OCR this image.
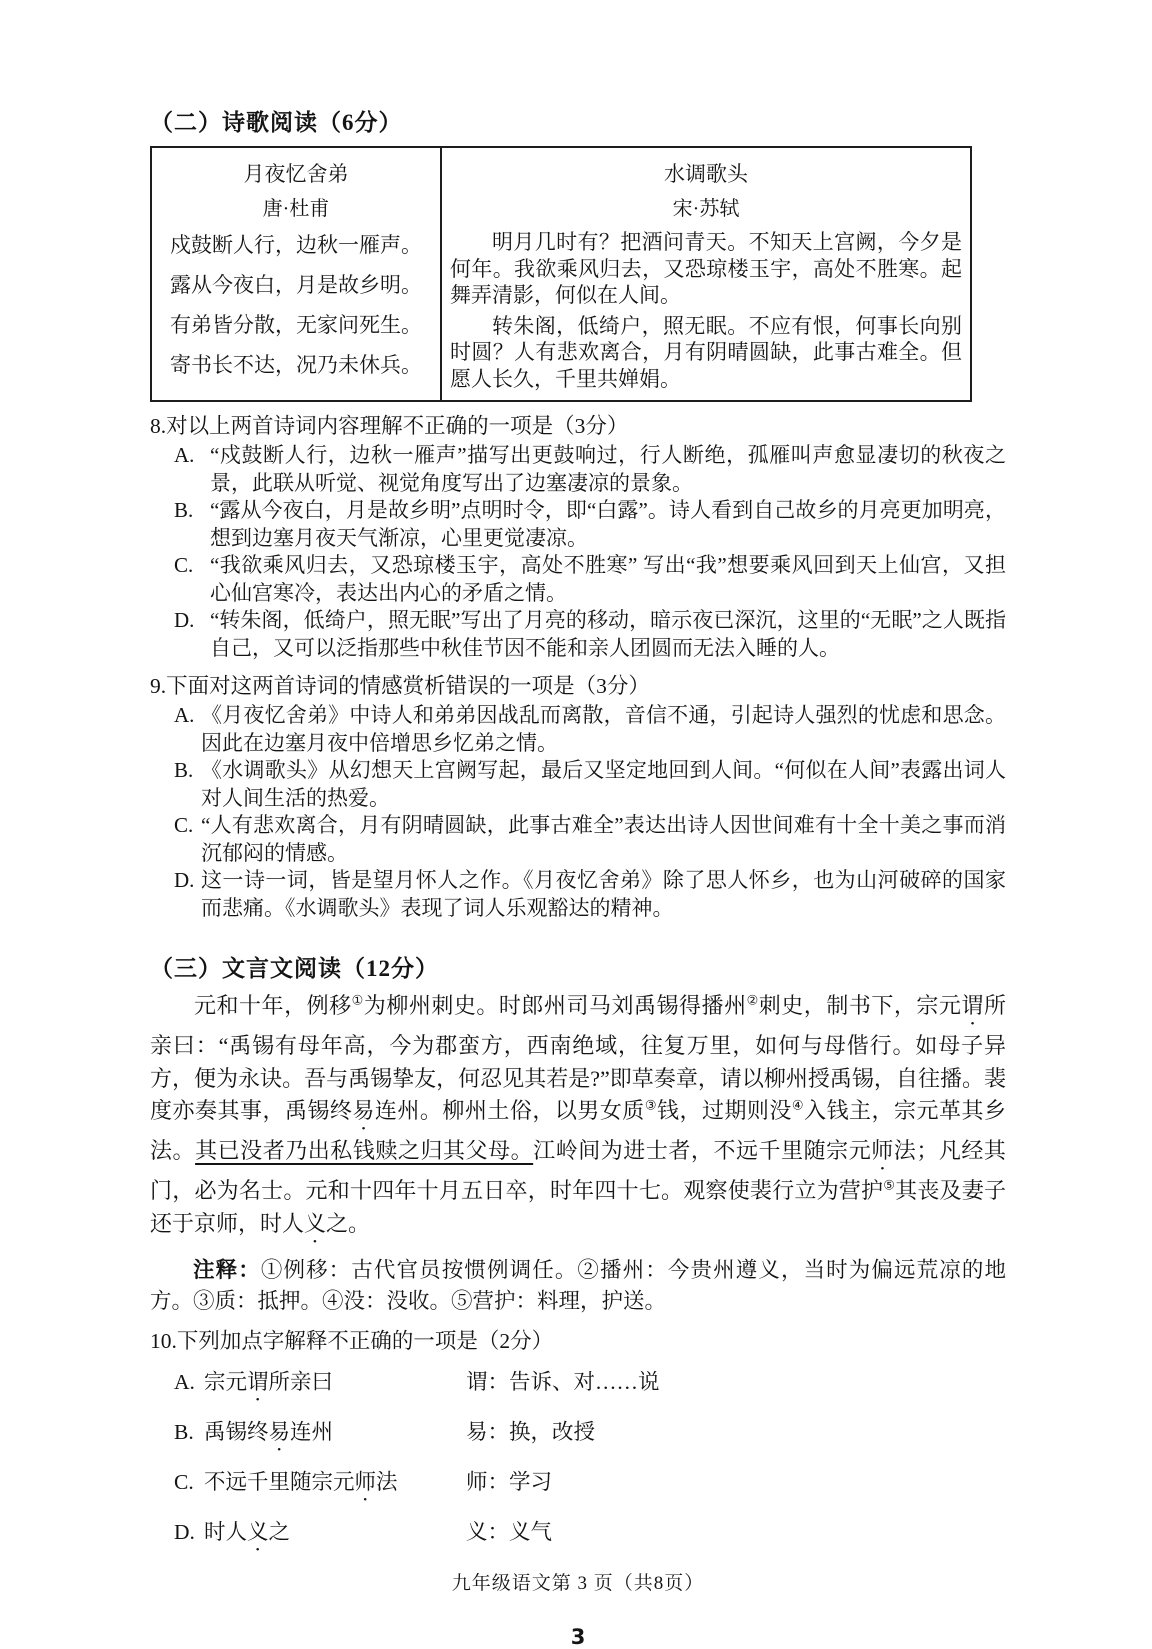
（二）诗歌阅读（6分）
月夜忆舍弟
唐·杜甫
戍鼓断人行，边秋一雁声。
露从今夜白，月是故乡明。
有弟皆分散，无家问死生。
寄书长不达，况乃未休兵。

水调歌头
宋·苏轼

明月几时有？把酒问青天。不知天上宫阙，今夕是何年。我欲乘风归去，又恐琼楼玉宇，高处不胜寒。起舞弄清影，何似在人间。

转朱阁，低绮户，照无眠。不应有恨，何事长向别时圆？人有悲欢离合，月有阴晴圆缺，此事古难全。但愿人长久，千里共婵娟。

8.对以上两首诗词内容理解不正确的一项是（3分）
A. “戍鼓断人行，边秋一雁声”描写出更鼓响过，行人断绝，孤雁叫声愈显凄切的秋夜之景，此联从听觉、视觉角度写出了边塞凄凉的景象。
B. “露从今夜白，月是故乡明”点明时令，即“白露”。诗人看到自己故乡的月亮更加明亮，想到边塞月夜天气渐凉，心里更觉凄凉。
C. “我欲乘风归去，又恐琼楼玉宇，高处不胜寒” 写出“我”想要乘风回到天上仙宫，又担心仙宫寒冷，表达出内心的矛盾之情。
D. “转朱阁，低绮户，照无眠”写出了月亮的移动，暗示夜已深沉，这里的“无眠”之人既指自己，又可以泛指那些中秋佳节因不能和亲人团圆而无法入睡的人。
9.下面对这两首诗词的情感赏析错误的一项是（3分）
A. 《月夜忆舍弟》中诗人和弟弟因战乱而离散，音信不通，引起诗人强烈的忧虑和思念。因此在边塞月夜中倍增思乡忆弟之情。
B. 《水调歌头》从幻想天上宫阙写起，最后又坚定地回到人间。“何似在人间”表露出词人对人间生活的热爱。
C. “人有悲欢离合，月有阴晴圆缺，此事古难全”表达出诗人因世间难有十全十美之事而消沉郁闷的情感。
D. 这一诗一词，皆是望月怀人之作。《月夜忆舍弟》除了思人怀乡，也为山河破碎的国家而悲痛。《水调歌头》表现了词人乐观豁达的精神。
（三）文言文阅读（12分）

元和十年，例移①为柳州刺史。时郎州司马刘禹锡得播州②刺史，制书下，宗元谓所亲曰：“禹锡有母年高，今为郡蛮方，西南绝域，往复万里，如何与母偕行。如母子异方，便为永诀。吾与禹锡挚友，何忍见其若是?”即草奏章，请以柳州授禹锡，自往播。裴度亦奏其事，禹锡终易连州。柳州土俗，以男女质③钱，过期则没④入钱主，宗元革其乡法。其已没者乃出私钱赎之归其父母。江岭间为进士者，不远千里随宗元师法；凡经其门，必为名士。元和十四年十月五日卒，时年四十七。观察使裴行立为营护⑤其丧及妻子还于京师，时人义之。

注释：①例移：古代官员按惯例调任。②播州：今贵州遵义，当时为偏远荒凉的地方。③质：抵押。④没：没收。⑤营护：料理，护送。

10.下列加点字解释不正确的一项是（2分）
A. 宗元谓所亲曰	谓：告诉、对……说
B. 禹锡终易连州	易：换，改授
C. 不远千里随宗元师法	师：学习
D. 时人义之	义：义气
九年级语文第 3 页（共8页）
3
